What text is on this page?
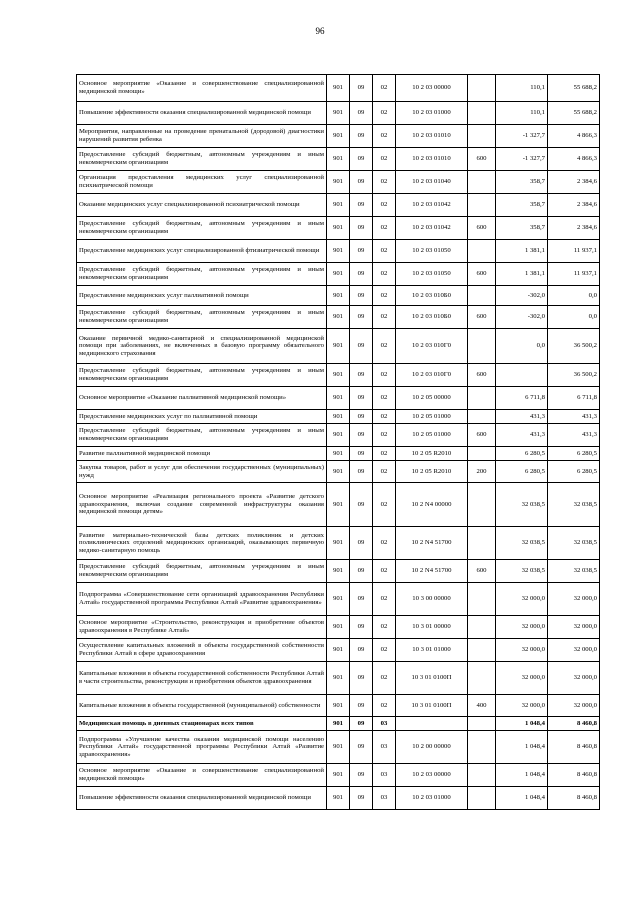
96
Основное мероприятие «Оказание и совершенствование специализированной медицинской помощи»	901	09	02	10 2 03 00000		110,1	55 688,2
Повышение эффективности оказания специализированной медицинской помощи	901	09	02	10 2 03 01000		110,1	55 688,2
Мероприятия, направленные на проведение пренатальной (дородовой) диагностики нарушений развития ребенка	901	09	02	10 2 03 01010		-1 327,7	4 866,3
Предоставление субсидий бюджетным, автономным учреждениям и иным некоммерческим организациям	901	09	02	10 2 03 01010	600	-1 327,7	4 866,3
Организация предоставления медицинских услуг специализированной психиатрической помощи	901	09	02	10 2 03 01040		358,7	2 384,6
Оказание медицинских услуг специализированной психиатрической помощи	901	09	02	10 2 03 01042		358,7	2 384,6
Предоставление субсидий бюджетным, автономным учреждениям и иным некоммерческим организациям	901	09	02	10 2 03 01042	600	358,7	2 384,6
Предоставление медицинских услуг специализированной фтизиатрической помощи	901	09	02	10 2 03 01050		1 381,1	11 937,1
Предоставление субсидий бюджетным, автономным учреждениям и иным некоммерческим организациям	901	09	02	10 2 03 01050	600	1 381,1	11 937,1
Предоставление медицинских услуг паллиативной помощи	901	09	02	10 2 03 010Б0		-302,0	0,0
Предоставление субсидий бюджетным, автономным учреждениям и иным некоммерческим организациям	901	09	02	10 2 03 010Б0	600	-302,0	0,0
Оказание первичной медико-санитарной и специализированной медицинской помощи при заболеваниях, не включенных в базовую программу обязательного медицинского страхования	901	09	02	10 2 03 010Г0		0,0	36 500,2
Предоставление субсидий бюджетным, автономным учреждениям и иным некоммерческим организациям	901	09	02	10 2 03 010Г0	600		36 500,2
Основное мероприятие «Оказание паллиативной медицинской помощи»	901	09	02	10 2 05 00000		6 711,8	6 711,8
Предоставление медицинских услуг по паллиативной помощи	901	09	02	10 2 05 01000		431,3	431,3
Предоставление субсидий бюджетным, автономным учреждениям и иным некоммерческим организациям	901	09	02	10 2 05 01000	600	431,3	431,3
Развитие паллиативной медицинской помощи	901	09	02	10 2 05 R2010		6 280,5	6 280,5
Закупка товаров, работ и услуг для обеспечения государственных (муниципальных) нужд	901	09	02	10 2 05 R2010	200	6 280,5	6 280,5
Основное мероприятие «Реализация регионального проекта «Развитие детского здравоохранения, включая создание современной инфраструктуры оказания медицинской помощи детям»	901	09	02	10 2 N4 00000		32 038,5	32 038,5
Развитие материально-технической базы детских поликлиник и детских поликлинических отделений медицинских организаций, оказывающих первичную медико-санитарную помощь	901	09	02	10 2 N4 51700		32 038,5	32 038,5
Предоставление субсидий бюджетным, автономным учреждениям и иным некоммерческим организациям	901	09	02	10 2 N4 51700	600	32 038,5	32 038,5
Подпрограмма «Совершенствование сети организаций здравоохранения Республики Алтай» государственной программы Республики Алтай «Развитие здравоохранения»	901	09	02	10 3 00 00000		32 000,0	32 000,0
Основное мероприятие «Строительство, реконструкция и приобретение объектов здравоохранения в Республике Алтай»	901	09	02	10 3 01 00000		32 000,0	32 000,0
Осуществление капитальных вложений в объекты государственной собственности Республики Алтай в сфере здравоохранения	901	09	02	10 3 01 01000		32 000,0	32 000,0
Капитальные вложения в объекты государственной собственности Республики Алтай в части строительства, реконструкции и приобретения объектов здравоохранения	901	09	02	10 3 01 0100П		32 000,0	32 000,0
Капитальные вложения в объекты государственной (муниципальной) собственности	901	09	02	10 3 01 0100П	400	32 000,0	32 000,0
Медицинская помощь в дневных стационарах всех типов	901	09	03			1 048,4	8 460,8
Подпрограмма «Улучшение качества оказания медицинской помощи населению Республики Алтай» государственной программы Республики Алтай «Развитие здравоохранения»	901	09	03	10 2 00 00000		1 048,4	8 460,8
Основное мероприятие «Оказание и совершенствование специализированной медицинской помощи»	901	09	03	10 2 03 00000		1 048,4	8 460,8
Повышение эффективности оказания специализированной медицинской помощи	901	09	03	10 2 03 01000		1 048,4	8 460,8
